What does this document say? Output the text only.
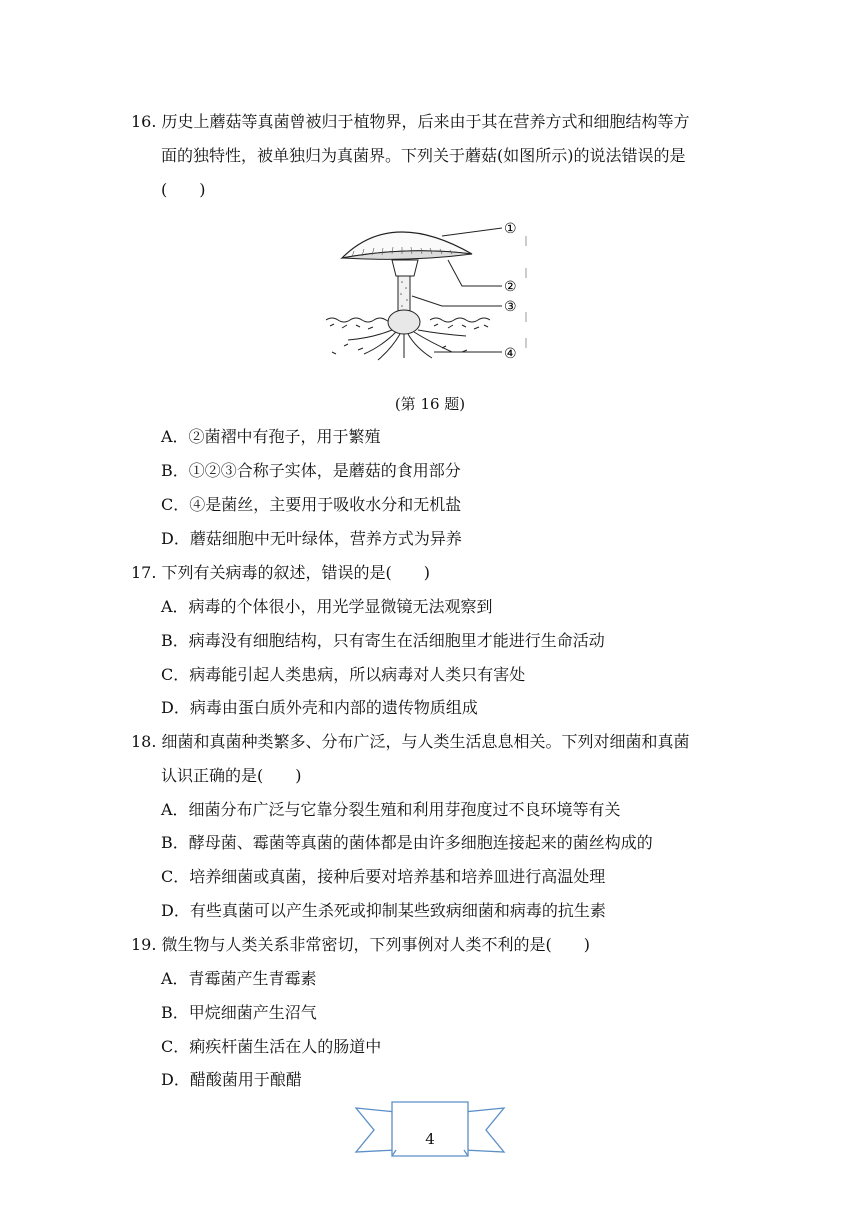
16. 历史上蘑菇等真菌曾被归于植物界，后来由于其在营养方式和细胞结构等方
面的独特性，被单独归为真菌界。下列关于蘑菇(如图所示)的说法错误的是
(　　)
①
②
③
④
(第 16 题)
A．②菌褶中有孢子，用于繁殖
B．①②③合称子实体，是蘑菇的食用部分
C．④是菌丝，主要用于吸收水分和无机盐
D．蘑菇细胞中无叶绿体，营养方式为异养
17. 下列有关病毒的叙述，错误的是(　　)
A．病毒的个体很小，用光学显微镜无法观察到
B．病毒没有细胞结构，只有寄生在活细胞里才能进行生命活动
C．病毒能引起人类患病，所以病毒对人类只有害处
D．病毒由蛋白质外壳和内部的遗传物质组成
18. 细菌和真菌种类繁多、分布广泛，与人类生活息息相关。下列对细菌和真菌
认识正确的是(　　)
A．细菌分布广泛与它靠分裂生殖和利用芽孢度过不良环境等有关
B．酵母菌、霉菌等真菌的菌体都是由许多细胞连接起来的菌丝构成的
C．培养细菌或真菌，接种后要对培养基和培养皿进行高温处理
D．有些真菌可以产生杀死或抑制某些致病细菌和病毒的抗生素
19. 微生物与人类关系非常密切，下列事例对人类不利的是(　　)
A．青霉菌产生青霉素
B．甲烷细菌产生沼气
C．痢疾杆菌生活在人的肠道中
D．醋酸菌用于酿醋
4
